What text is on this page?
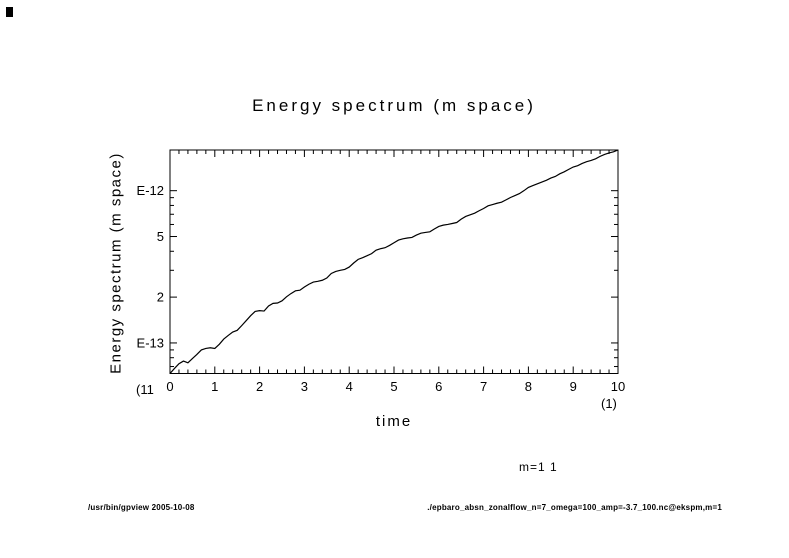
Energy spectrum (m space)
Energy spectrum (m space)
0	1	2	3	4	5	6	7	8	9	10
E-13
2
5
E-12
(11
(1)
time
m=1 1
/usr/bin/gpview 2005-10-08	./epbaro_absn_zonalflow_n=7_omega=100_amp=-3.7_100.nc@ekspm,m=1
